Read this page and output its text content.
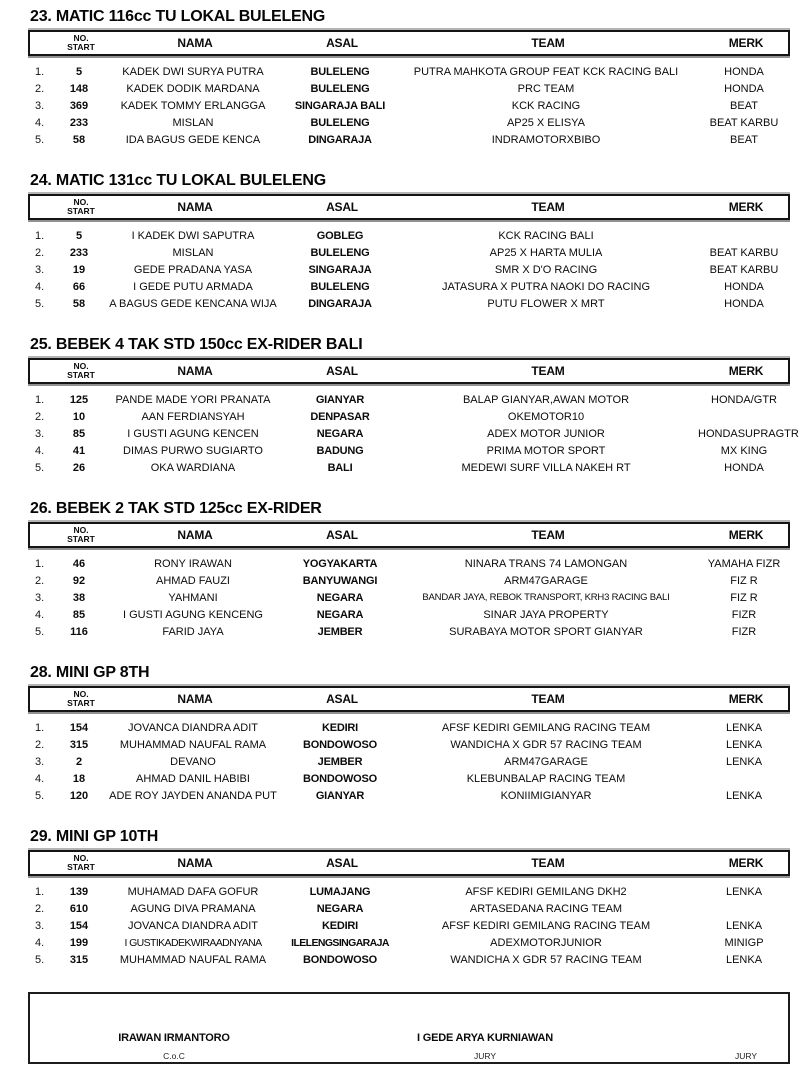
23. MATIC 116cc TU LOKAL BULELENG
NO.
START	NAMA	ASAL	TEAM	MERK
1.	5	KADEK DWI SURYA PUTRA	BULELENG	PUTRA MAHKOTA GROUP FEAT KCK RACING BALI	HONDA
2.	148	KADEK DODIK MARDANA	BULELENG	PRC TEAM	HONDA
3.	369	KADEK TOMMY ERLANGGA	SINGARAJA BALI	KCK RACING	BEAT
4.	233	MISLAN	BULELENG	AP25 X ELISYA	BEAT KARBU
5.	58	IDA BAGUS GEDE KENCA	DINGARAJA	INDRAMOTORXBIBO	BEAT
24. MATIC 131cc TU LOKAL BULELENG
NO.
START	NAMA	ASAL	TEAM	MERK
1.	5	I KADEK DWI SAPUTRA	GOBLEG	KCK RACING BALI
2.	233	MISLAN	BULELENG	AP25 X HARTA MULIA	BEAT KARBU
3.	19	GEDE PRADANA YASA	SINGARAJA	SMR X D'O RACING	BEAT KARBU
4.	66	I GEDE PUTU ARMADA	BULELENG	JATASURA X PUTRA NAOKI DO RACING	HONDA
5.	58	A BAGUS GEDE KENCANA WIJA	DINGARAJA	PUTU FLOWER X MRT	HONDA
25. BEBEK 4 TAK STD 150cc EX-RIDER BALI
NO.
START	NAMA	ASAL	TEAM	MERK
1.	125	PANDE MADE YORI PRANATA	GIANYAR	BALAP GIANYAR,AWAN MOTOR	HONDA/GTR
2.	10	AAN FERDIANSYAH	DENPASAR	OKEMOTOR10
3.	85	I GUSTI AGUNG KENCEN	NEGARA	ADEX MOTOR JUNIOR	HONDASUPRAGTR
4.	41	DIMAS PURWO SUGIARTO	BADUNG	PRIMA MOTOR SPORT	MX KING
5.	26	OKA WARDIANA	BALI	MEDEWI SURF VILLA NAKEH RT	HONDA
26. BEBEK 2 TAK STD 125cc EX-RIDER
NO.
START	NAMA	ASAL	TEAM	MERK
1.	46	RONY IRAWAN	YOGYAKARTA	NINARA TRANS 74 LAMONGAN	YAMAHA FIZR
2.	92	AHMAD FAUZI	BANYUWANGI	ARM47GARAGE	FIZ R
3.	38	YAHMANI	NEGARA	BANDAR JAYA, REBOK TRANSPORT, KRH3 RACING BALI	FIZ R
4.	85	I GUSTI AGUNG KENCENG	NEGARA	SINAR JAYA PROPERTY	FIZR
5.	116	FARID JAYA	JEMBER	SURABAYA MOTOR SPORT GIANYAR	FIZR
28. MINI GP 8TH
NO.
START	NAMA	ASAL	TEAM	MERK
1.	154	JOVANCA DIANDRA ADIT	KEDIRI	AFSF KEDIRI GEMILANG RACING TEAM	LENKA
2.	315	MUHAMMAD NAUFAL RAMA	BONDOWOSO	WANDICHA X GDR 57 RACING TEAM	LENKA
3.	2	DEVANO	JEMBER	ARM47GARAGE	LENKA
4.	18	AHMAD DANIL HABIBI	BONDOWOSO	KLEBUNBALAP RACING TEAM
5.	120	ADE ROY JAYDEN ANANDA PUT	GIANYAR	KONIIMIGIANYAR	LENKA
29. MINI GP 10TH
NO.
START	NAMA	ASAL	TEAM	MERK
1.	139	MUHAMAD DAFA GOFUR	LUMAJANG	AFSF KEDIRI GEMILANG DKH2	LENKA
2.	610	AGUNG DIVA PRAMANA	NEGARA	ARTASEDANA RACING TEAM
3.	154	JOVANCA DIANDRA ADIT	KEDIRI	AFSF KEDIRI GEMILANG RACING TEAM	LENKA
4.	199	I GUSTIKADEKWIRAADNYANA	ILELENGSINGARAJA	ADEXMOTORJUNIOR	MINIGP
5.	315	MUHAMMAD NAUFAL RAMA	BONDOWOSO	WANDICHA X GDR 57 RACING TEAM	LENKA
IRAWAN IRMANTORO
C.o.C
I GEDE ARYA KURNIAWAN
JURY	JURY
